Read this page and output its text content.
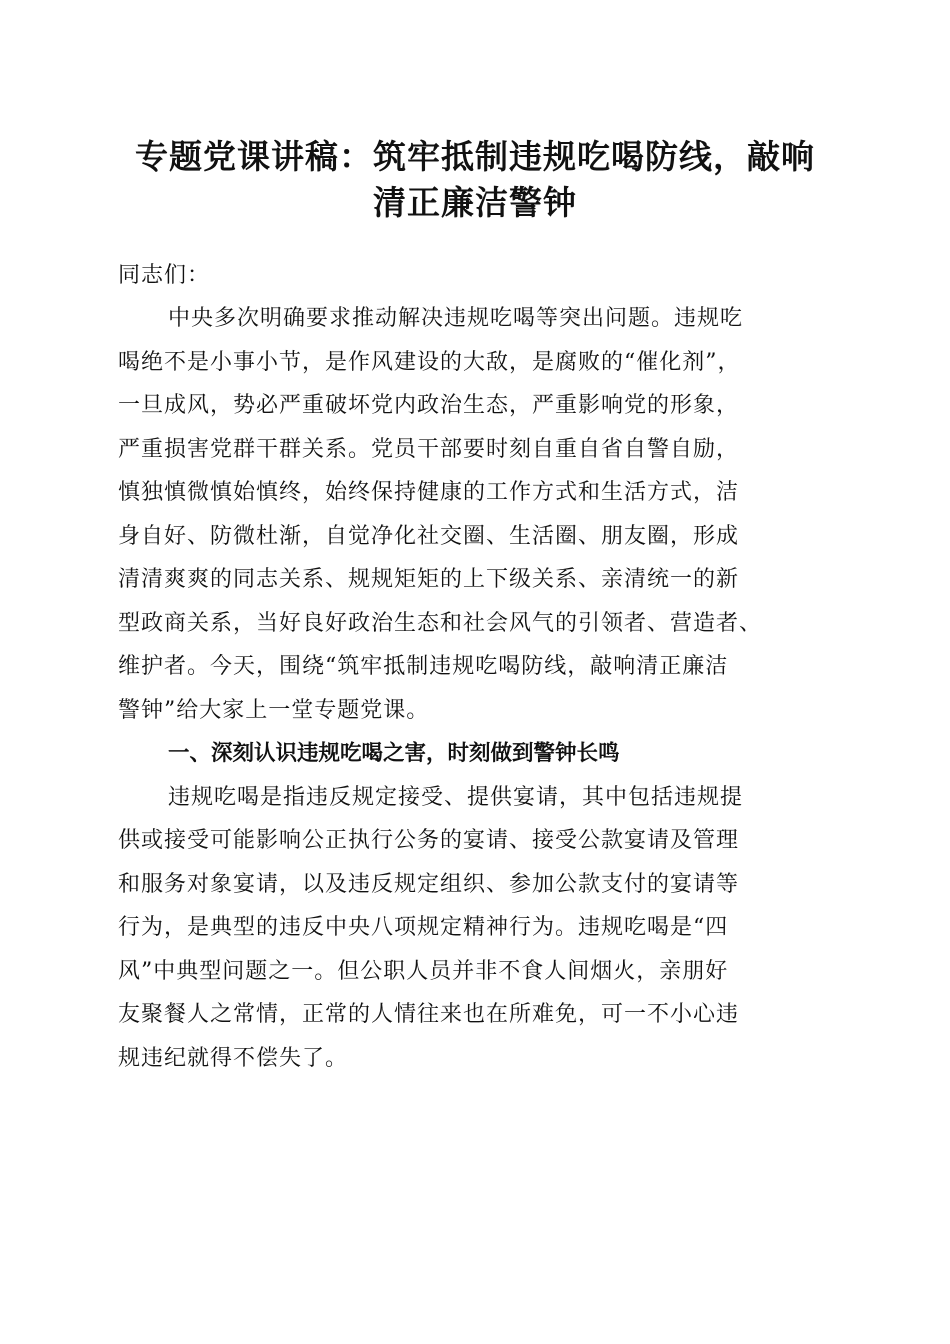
专题党课讲稿：筑牢抵制违规吃喝防线，敲响
清正廉洁警钟
同志们：
中央多次明确要求推动解决违规吃喝等突出问题。违规吃
喝绝不是小事小节，是作风建设的大敌，是腐败的“催化剂”，
一旦成风，势必严重破坏党内政治生态，严重影响党的形象，
严重损害党群干群关系。党员干部要时刻自重自省自警自励，
慎独慎微慎始慎终，始终保持健康的工作方式和生活方式，洁
身自好、防微杜渐，自觉净化社交圈、生活圈、朋友圈，形成
清清爽爽的同志关系、规规矩矩的上下级关系、亲清统一的新
型政商关系，当好良好政治生态和社会风气的引领者、营造者、
维护者。今天，围绕“筑牢抵制违规吃喝防线，敲响清正廉洁
警钟”给大家上一堂专题党课。
一、深刻认识违规吃喝之害，时刻做到警钟长鸣
违规吃喝是指违反规定接受、提供宴请，其中包括违规提
供或接受可能影响公正执行公务的宴请、接受公款宴请及管理
和服务对象宴请，以及违反规定组织、参加公款支付的宴请等
行为，是典型的违反中央八项规定精神行为。违规吃喝是“四
风”中典型问题之一。但公职人员并非不食人间烟火，亲朋好
友聚餐人之常情，正常的人情往来也在所难免，可一不小心违
规违纪就得不偿失了。
